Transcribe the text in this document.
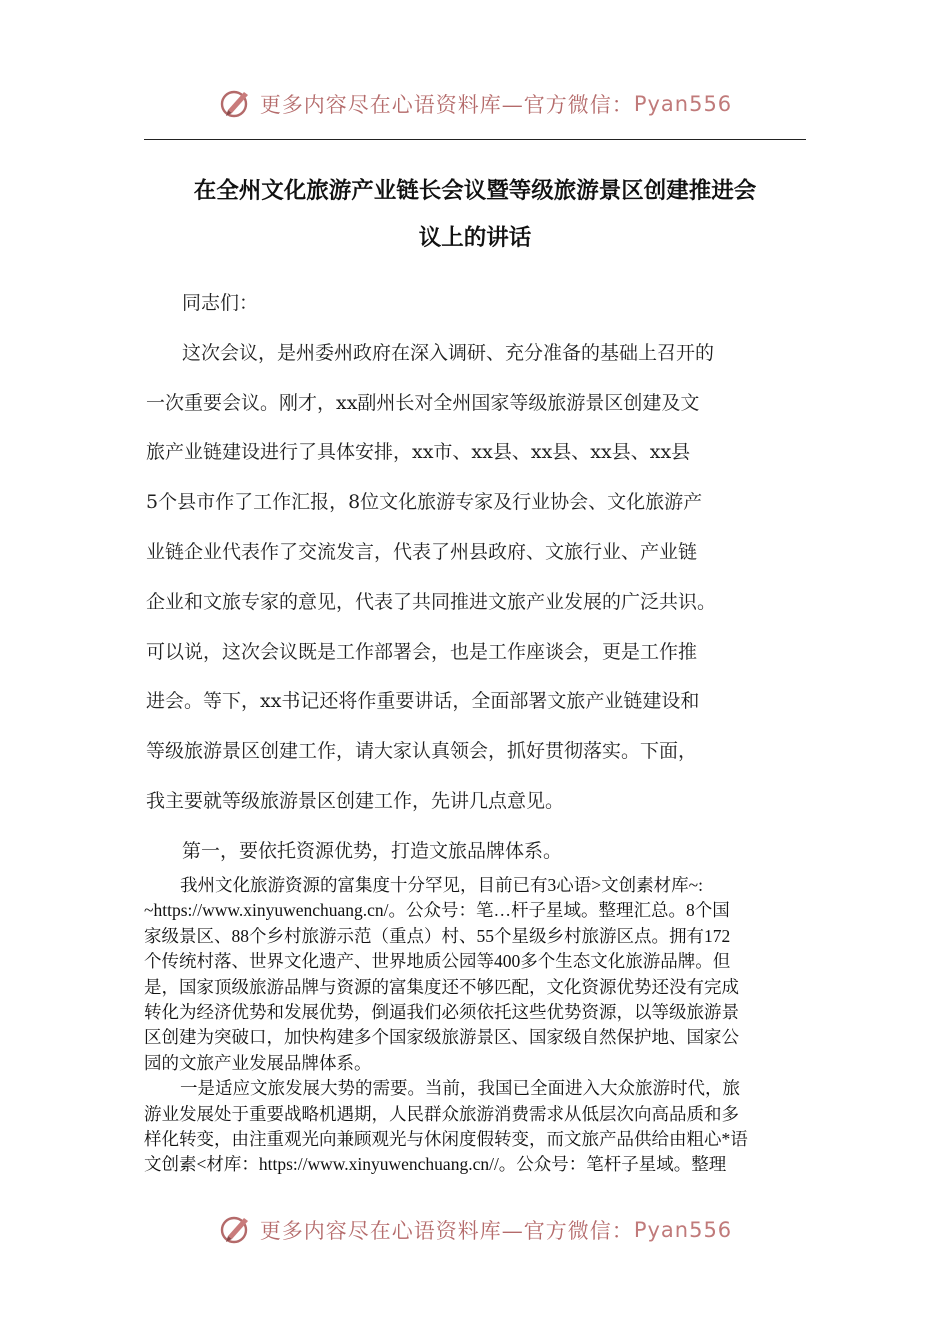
更多内容尽在心语资料库—官方微信： Pyan556
在全州文化旅游产业链长会议暨等级旅游景区创建推进会
议上的讲话

同志们：

这次会议，是州委州政府在深入调研、充分准备的基础上召开的

一次重要会议。刚才，xx副州长对全州国家等级旅游景区创建及文

旅产业链建设进行了具体安排，xx市、xx县、xx县、xx县、xx县

5个县市作了工作汇报，8位文化旅游专家及行业协会、文化旅游产

业链企业代表作了交流发言，代表了州县政府、文旅行业、产业链

企业和文旅专家的意见，代表了共同推进文旅产业发展的广泛共识。

可以说，这次会议既是工作部署会，也是工作座谈会，更是工作推

进会。等下，xx书记还将作重要讲话，全面部署文旅产业链建设和

等级旅游景区创建工作，请大家认真领会，抓好贯彻落实。下面，

我主要就等级旅游景区创建工作，先讲几点意见。

第一，要依托资源优势，打造文旅品牌体系。

我州文化旅游资源的富集度十分罕见，目前已有3心语>文创素材库~:

~https://www.xinyuwenchuang.cn/。公众号：笔…杆子星域。整理汇总。8个国

家级景区、88个乡村旅游示范（重点）村、55个星级乡村旅游区点。拥有172

个传统村落、世界文化遗产、世界地质公园等400多个生态文化旅游品牌。但

是，国家顶级旅游品牌与资源的富集度还不够匹配，文化资源优势还没有完成

转化为经济优势和发展优势，倒逼我们必须依托这些优势资源，以等级旅游景

区创建为突破口，加快构建多个国家级旅游景区、国家级自然保护地、国家公

园的文旅产业发展品牌体系。

一是适应文旅发展大势的需要。当前，我国已全面进入大众旅游时代，旅

游业发展处于重要战略机遇期，人民群众旅游消费需求从低层次向高品质和多

样化转变，由注重观光向兼顾观光与休闲度假转变，而文旅产品供给由粗心*语

文创素<材库：https://www.xinyuwenchuang.cn//。公众号：笔杆子星域。整理

更多内容尽在心语资料库—官方微信： Pyan556
